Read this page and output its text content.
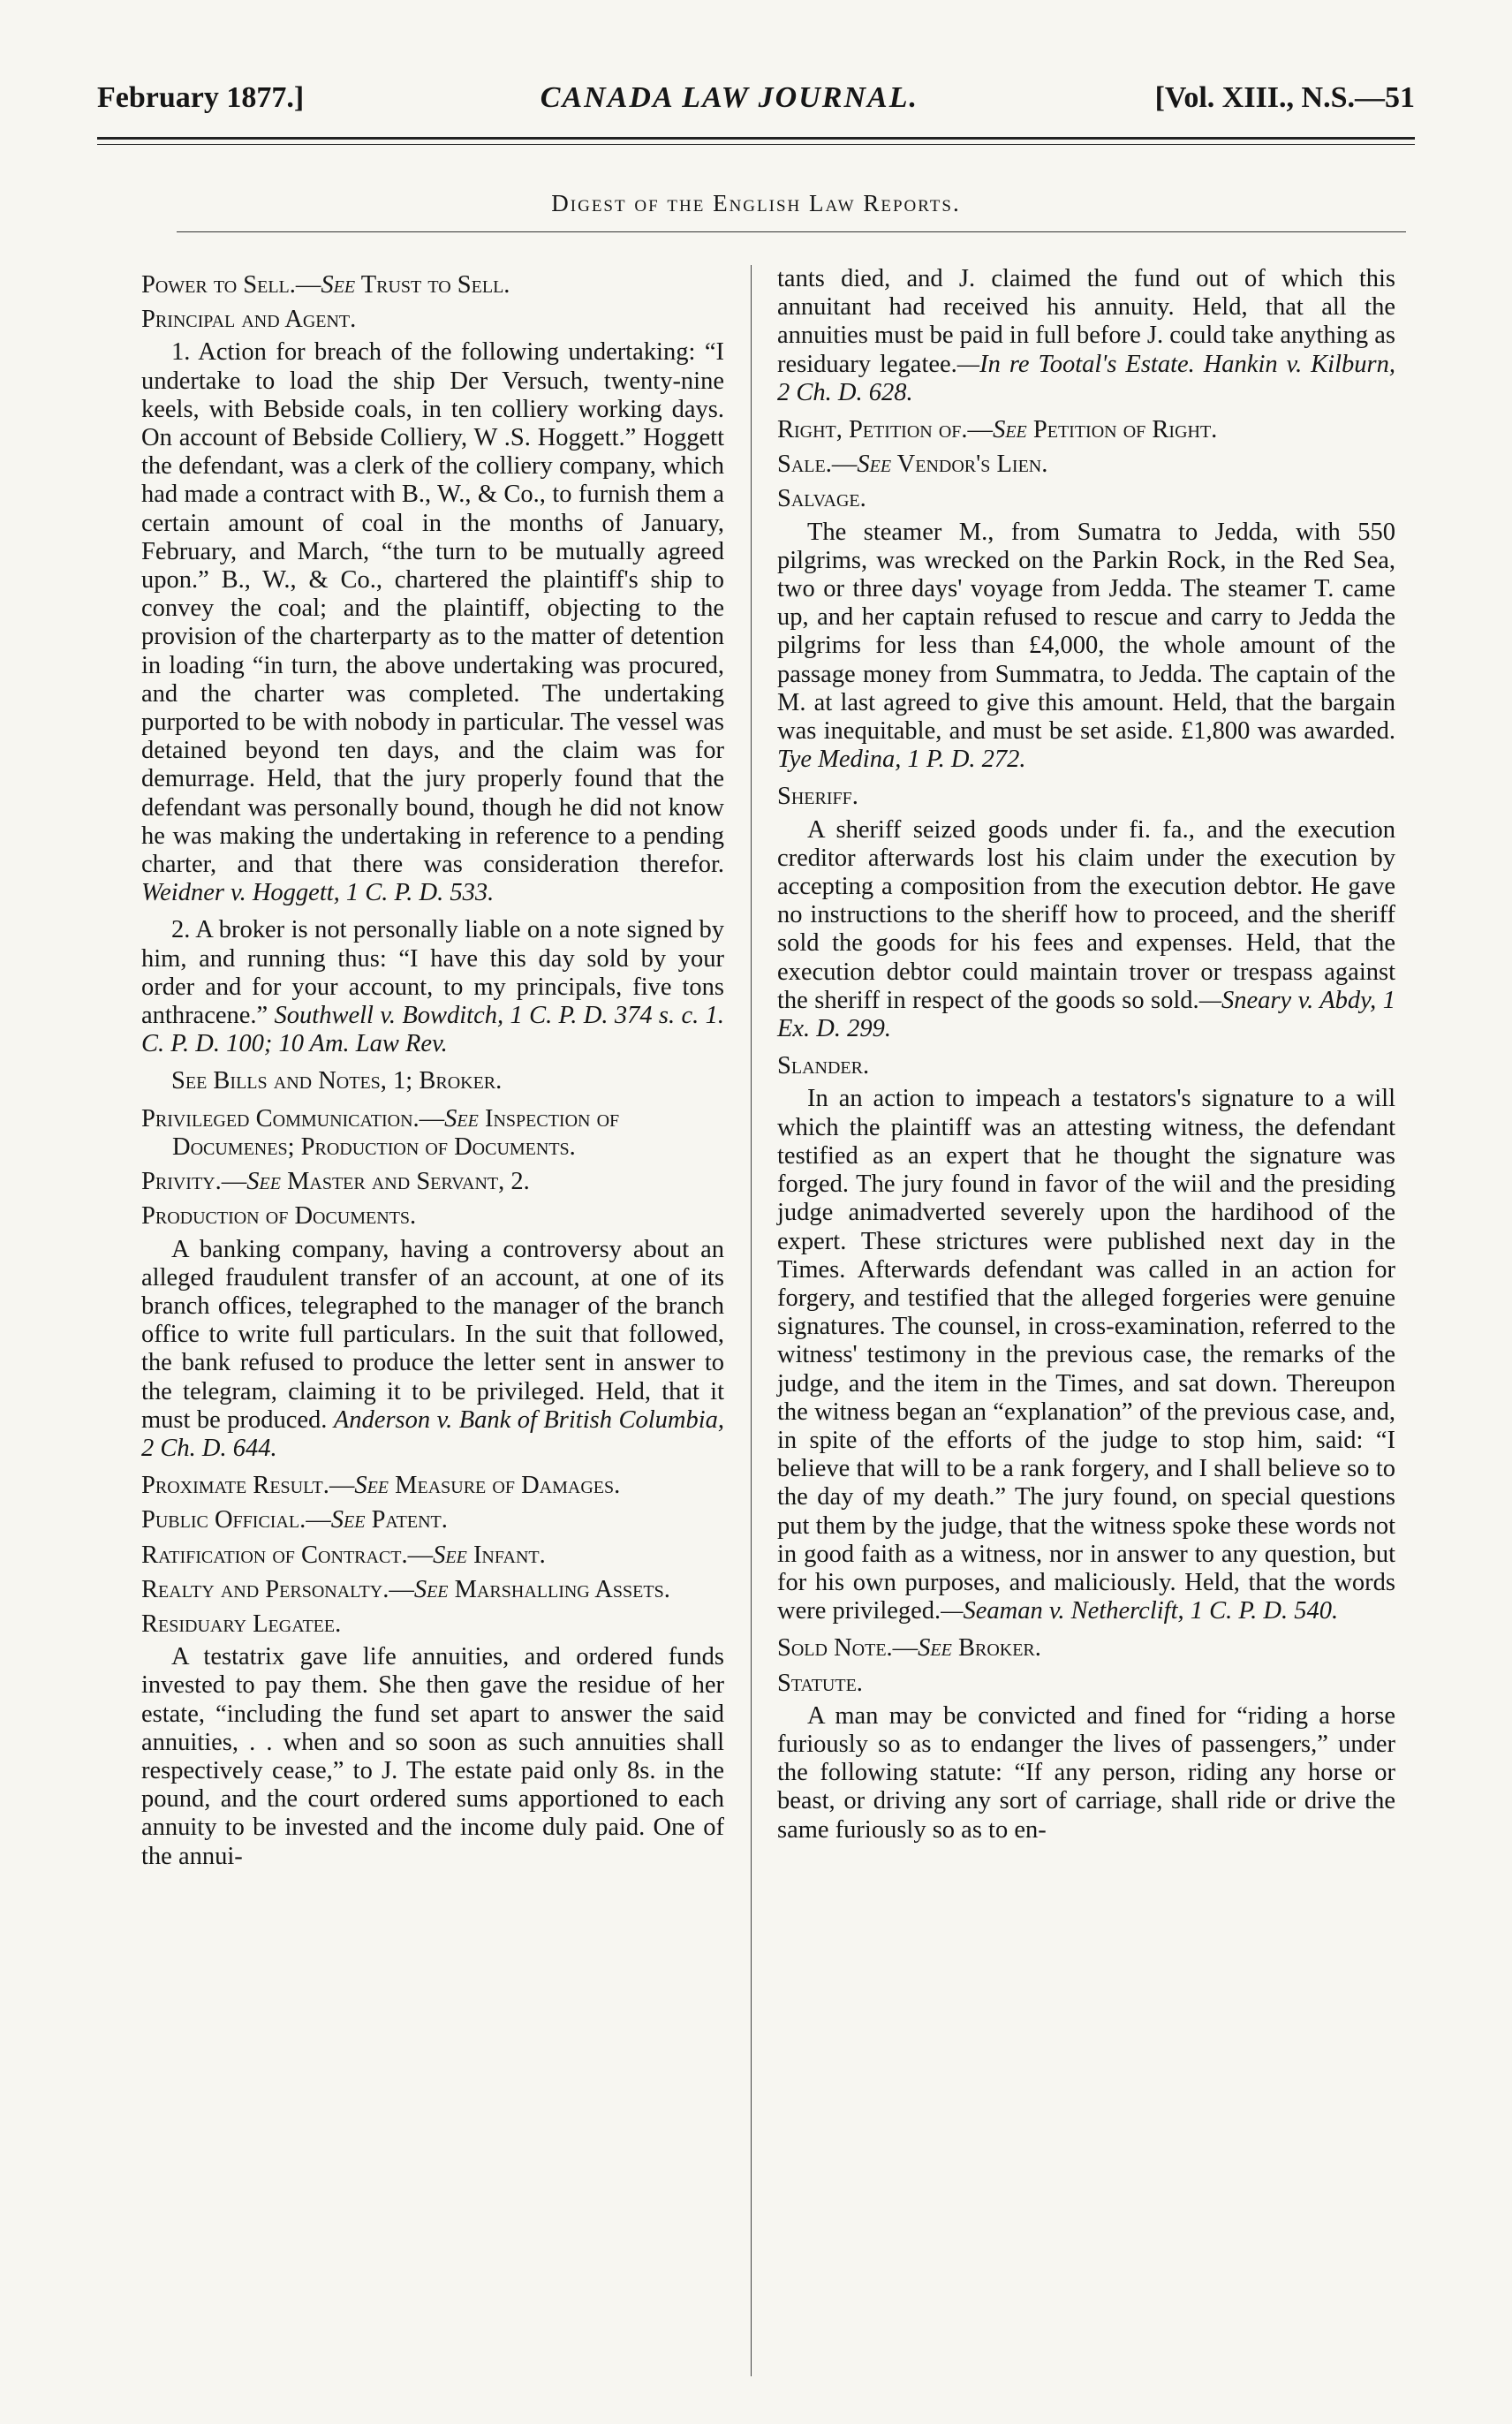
February 1877.]	CANADA LAW JOURNAL.	[Vol. XIII., N.S.—51
Digest of the English Law Reports.
Power to Sell.—See Trust to Sell.
Principal and Agent.

1. Action for breach of the following undertaking: “I undertake to load the ship Der Versuch, twenty-nine keels, with Bebside coals, in ten colliery working days. On account of Bebside Colliery, W .S. Hoggett.” Hoggett the defendant, was a clerk of the colliery company, which had made a contract with B., W., & Co., to furnish them a certain amount of coal in the months of January, February, and March, “the turn to be mutually agreed upon.” B., W., & Co., chartered the plaintiff's ship to convey the coal; and the plaintiff, objecting to the provision of the charterparty as to the matter of detention in loading “in turn, the above undertaking was procured, and the charter was completed. The undertaking purported to be with nobody in particular. The vessel was detained beyond ten days, and the claim was for demurrage. Held, that the jury properly found that the defendant was personally bound, though he did not know he was making the undertaking in reference to a pending charter, and that there was consideration therefor. Weidner v. Hoggett, 1 C. P. D. 533.

2. A broker is not personally liable on a note signed by him, and running thus: “I have this day sold by your order and for your account, to my principals, five tons anthracene.” Southwell v. Bowditch, 1 C. P. D. 374 s. c. 1. C. P. D. 100; 10 Am. Law Rev.

See Bills and Notes, 1; Broker.

Privileged Communication.—See Inspection of Documenes; Production of Documents.
Privity.—See Master and Servant, 2.
Production of Documents.

A banking company, having a controversy about an alleged fraudulent transfer of an account, at one of its branch offices, telegraphed to the manager of the branch office to write full particulars. In the suit that followed, the bank refused to produce the letter sent in answer to the telegram, claiming it to be privileged. Held, that it must be produced. Anderson v. Bank of British Columbia, 2 Ch. D. 644.

Proximate Result.—See Measure of Damages.
Public Official.—See Patent.
Ratification of Contract.—See Infant.
Realty and Personalty.—See Marshalling Assets.
Residuary Legatee.

A testatrix gave life annuities, and ordered funds invested to pay them. She then gave the residue of her estate, “including the fund set apart to answer the said annuities, . . when and so soon as such annuities shall respectively cease,” to J. The estate paid only 8s. in the pound, and the court ordered sums apportioned to each annuity to be invested and the income duly paid. One of the annui-

tants died, and J. claimed the fund out of which this annuitant had received his annuity. Held, that all the annuities must be paid in full before J. could take anything as residuary legatee.—In re Tootal's Estate. Hankin v. Kilburn, 2 Ch. D. 628.

Right, Petition of.—See Petition of Right.
Sale.—See Vendor's Lien.
Salvage.

The steamer M., from Sumatra to Jedda, with 550 pilgrims, was wrecked on the Parkin Rock, in the Red Sea, two or three days' voyage from Jedda. The steamer T. came up, and her captain refused to rescue and carry to Jedda the pilgrims for less than £4,000, the whole amount of the passage money from Summatra, to Jedda. The captain of the M. at last agreed to give this amount. Held, that the bargain was inequitable, and must be set aside. £1,800 was awarded. Tye Medina, 1 P. D. 272.

Sheriff.

A sheriff seized goods under fi. fa., and the execution creditor afterwards lost his claim under the execution by accepting a composition from the execution debtor. He gave no instructions to the sheriff how to proceed, and the sheriff sold the goods for his fees and expenses. Held, that the execution debtor could maintain trover or trespass against the sheriff in respect of the goods so sold.—Sneary v. Abdy, 1 Ex. D. 299.

Slander.

In an action to impeach a testators's signature to a will which the plaintiff was an attesting witness, the defendant testified as an expert that he thought the signature was forged. The jury found in favor of the wiil and the presiding judge animadverted severely upon the hardihood of the expert. These strictures were published next day in the Times. Afterwards defendant was called in an action for forgery, and testified that the alleged forgeries were genuine signatures. The counsel, in cross-examination, referred to the witness' testimony in the previous case, the remarks of the judge, and the item in the Times, and sat down. Thereupon the witness began an “explanation” of the previous case, and, in spite of the efforts of the judge to stop him, said: “I believe that will to be a rank forgery, and I shall believe so to the day of my death.” The jury found, on special questions put them by the judge, that the witness spoke these words not in good faith as a witness, nor in answer to any question, but for his own purposes, and maliciously. Held, that the words were privileged.—Seaman v. Netherclift, 1 C. P. D. 540.

Sold Note.—See Broker.
Statute.

A man may be convicted and fined for “riding a horse furiously so as to endanger the lives of passengers,” under the following statute: “If any person, riding any horse or beast, or driving any sort of carriage, shall ride or drive the same furiously so as to en-
